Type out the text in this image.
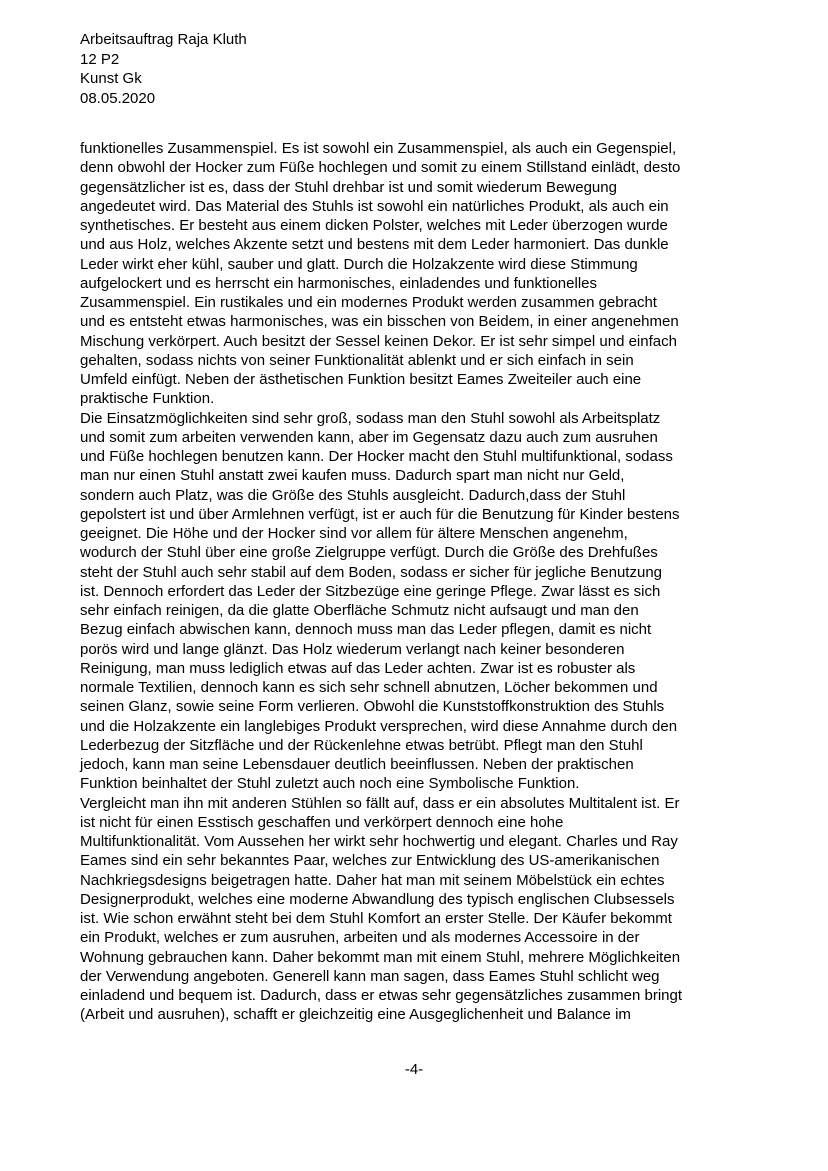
Arbeitsauftrag Raja Kluth
12 P2
Kunst Gk
08.05.2020
funktionelles Zusammenspiel. Es ist sowohl ein Zusammenspiel, als auch ein Gegenspiel,
denn obwohl der Hocker zum Füße hochlegen und somit zu einem Stillstand einlädt, desto
gegensätzlicher ist es, dass der Stuhl drehbar ist und somit wiederum Bewegung
angedeutet wird. Das Material des Stuhls ist sowohl ein natürliches Produkt, als auch ein
synthetisches. Er besteht aus einem dicken Polster, welches mit Leder überzogen wurde
und aus Holz, welches Akzente setzt und bestens mit dem Leder harmoniert. Das dunkle
Leder wirkt eher kühl, sauber und glatt. Durch die Holzakzente wird diese Stimmung
aufgelockert und es herrscht ein harmonisches, einladendes und funktionelles
Zusammenspiel. Ein rustikales und ein modernes Produkt werden zusammen gebracht
und es entsteht etwas harmonisches, was ein bisschen von Beidem, in einer angenehmen
Mischung verkörpert. Auch besitzt der Sessel keinen Dekor. Er ist sehr simpel und einfach
gehalten, sodass nichts von seiner Funktionalität ablenkt und er sich einfach in sein
Umfeld einfügt. Neben der ästhetischen Funktion besitzt Eames Zweiteiler auch eine
praktische Funktion.
Die Einsatzmöglichkeiten sind sehr groß, sodass man den Stuhl sowohl als Arbeitsplatz
und somit zum arbeiten verwenden kann, aber im Gegensatz dazu auch zum ausruhen
und Füße hochlegen benutzen kann. Der Hocker macht den Stuhl multifunktional, sodass
man nur einen Stuhl anstatt zwei kaufen muss. Dadurch spart man nicht nur Geld,
sondern auch Platz, was die Größe des Stuhls ausgleicht. Dadurch,dass der Stuhl
gepolstert ist und über Armlehnen verfügt, ist er auch für die Benutzung für Kinder bestens
geeignet. Die Höhe und der Hocker sind vor allem für ältere Menschen angenehm,
wodurch der Stuhl über eine große Zielgruppe verfügt. Durch die Größe des Drehfußes
steht der Stuhl auch sehr stabil auf dem Boden, sodass er sicher für jegliche Benutzung
ist. Dennoch erfordert das Leder der Sitzbezüge eine geringe Pflege. Zwar lässt es sich
sehr einfach reinigen, da die glatte Oberfläche Schmutz nicht aufsaugt und man den
Bezug einfach abwischen kann, dennoch muss man das Leder pflegen, damit es nicht
porös wird und lange glänzt. Das Holz wiederum verlangt nach keiner besonderen
Reinigung, man muss lediglich etwas auf das Leder achten. Zwar ist es robuster als
normale Textilien, dennoch kann es sich sehr schnell abnutzen, Löcher bekommen und
seinen Glanz, sowie seine Form verlieren. Obwohl die Kunststoffkonstruktion des Stuhls
und die Holzakzente ein langlebiges Produkt versprechen, wird diese Annahme durch den
Lederbezug der Sitzfläche und der Rückenlehne etwas betrübt. Pflegt man den Stuhl
jedoch, kann man seine Lebensdauer deutlich beeinflussen. Neben der praktischen
Funktion beinhaltet der Stuhl zuletzt auch noch eine Symbolische Funktion.
Vergleicht man ihn mit anderen Stühlen so fällt auf, dass er ein absolutes Multitalent ist. Er
ist nicht für einen Esstisch geschaffen und verkörpert dennoch eine hohe
Multifunktionalität. Vom Aussehen her wirkt sehr hochwertig und elegant. Charles und Ray
Eames sind ein sehr bekanntes Paar, welches zur Entwicklung des US-amerikanischen
Nachkriegsdesigns beigetragen hatte. Daher hat man mit seinem Möbelstück ein echtes
Designerprodukt, welches eine moderne Abwandlung des typisch englischen Clubsessels
ist. Wie schon erwähnt steht bei dem Stuhl Komfort an erster Stelle. Der Käufer bekommt
ein Produkt, welches er zum ausruhen, arbeiten und als modernes Accessoire in der
Wohnung gebrauchen kann. Daher bekommt man mit einem Stuhl, mehrere Möglichkeiten
der Verwendung angeboten. Generell kann man sagen, dass Eames Stuhl schlicht weg
einladend und bequem ist. Dadurch, dass er etwas sehr gegensätzliches zusammen bringt
(Arbeit und ausruhen), schafft er gleichzeitig eine Ausgeglichenheit und Balance im
-4-
